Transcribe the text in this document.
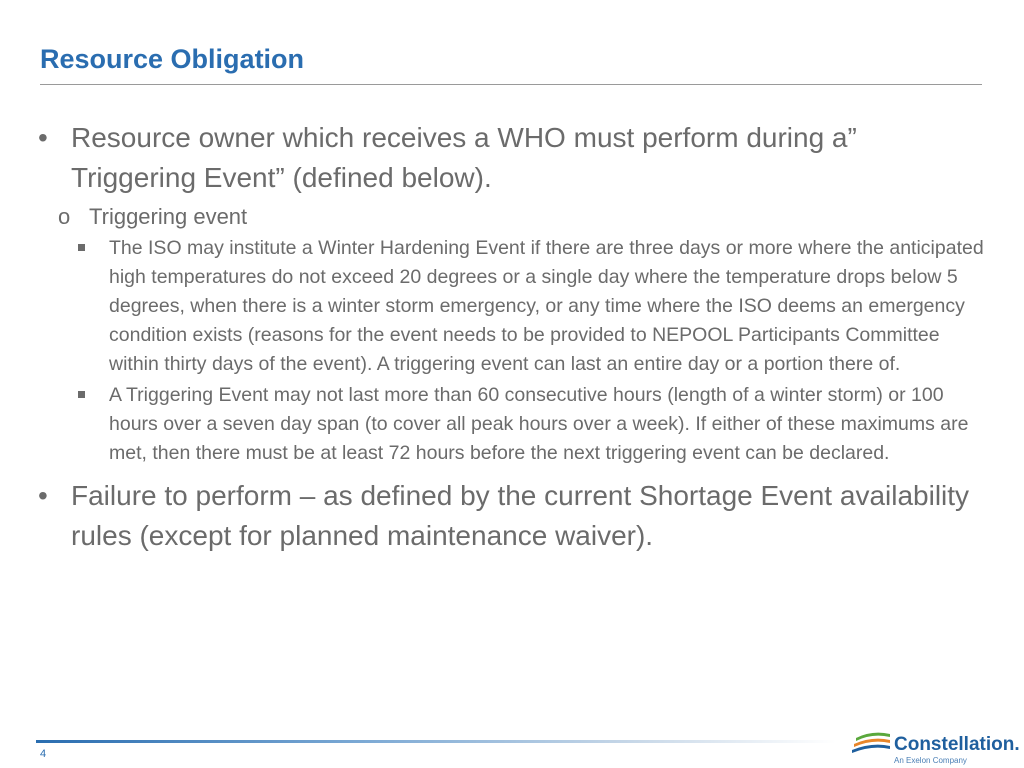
Resource Obligation
• Resource owner which receives a WHO must perform during a” Triggering Event” (defined below).
o Triggering event
The ISO may institute a Winter Hardening Event if there are three days or more where the anticipated high temperatures do not exceed 20 degrees or a single day where the temperature drops below 5 degrees, when there is a winter storm emergency, or any time where the ISO deems an emergency condition exists (reasons for the event needs to be provided to NEPOOL Participants Committee within thirty days of the event). A triggering event can last an entire day or a portion there of.
A Triggering Event may not last more than 60 consecutive hours (length of a winter storm) or 100 hours over a seven day span (to cover all peak hours over a week). If either of these maximums are met, then there must be at least 72 hours before the next triggering event can be declared.
• Failure to perform – as defined by the current Shortage Event availability rules (except for planned maintenance waiver).
4	Constellation.
An Exelon Company
